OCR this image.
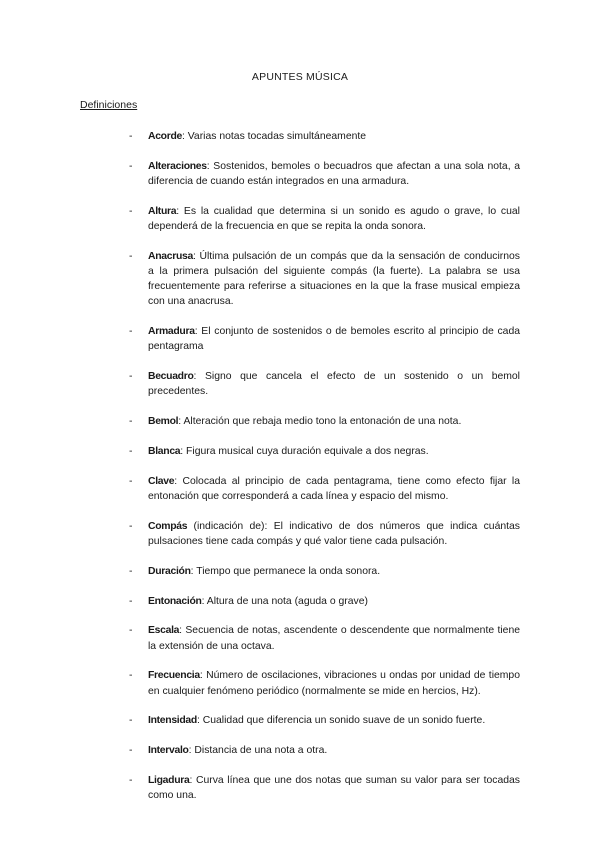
APUNTES MÚSICA
Definiciones
- Acorde: Varias notas tocadas simultáneamente
- Alteraciones: Sostenidos, bemoles o becuadros que afectan a una sola nota, a diferencia de cuando están integrados en una armadura.
- Altura: Es la cualidad que determina si un sonido es agudo o grave, lo cual dependerá de la frecuencia en que se repita la onda sonora.
- Anacrusa: Última pulsación de un compás que da la sensación de conducirnos a la primera pulsación del siguiente compás (la fuerte). La palabra se usa frecuentemente para referirse a situaciones en la que la frase musical empieza con una anacrusa.
- Armadura: El conjunto de sostenidos o de bemoles escrito al principio de cada pentagrama
- Becuadro: Signo que cancela el efecto de un sostenido o un bemol precedentes.
- Bemol: Alteración que rebaja medio tono la entonación de una nota.
- Blanca: Figura musical cuya duración equivale a dos negras.
- Clave: Colocada al principio de cada pentagrama, tiene como efecto fijar la entonación que corresponderá a cada línea y espacio del mismo.
- Compás (indicación de): El indicativo de dos números que indica cuántas pulsaciones tiene cada compás y qué valor tiene cada pulsación.
- Duración: Tiempo que permanece la onda sonora.
- Entonación: Altura de una nota (aguda o grave)
- Escala: Secuencia de notas, ascendente o descendente que normalmente tiene la extensión de una octava.
- Frecuencia: Número de oscilaciones, vibraciones u ondas por unidad de tiempo en cualquier fenómeno periódico (normalmente se mide en hercios, Hz).
- Intensidad: Cualidad que diferencia un sonido suave de un sonido fuerte.
- Intervalo: Distancia de una nota a otra.
- Ligadura: Curva línea que une dos notas que suman su valor para ser tocadas como una.
